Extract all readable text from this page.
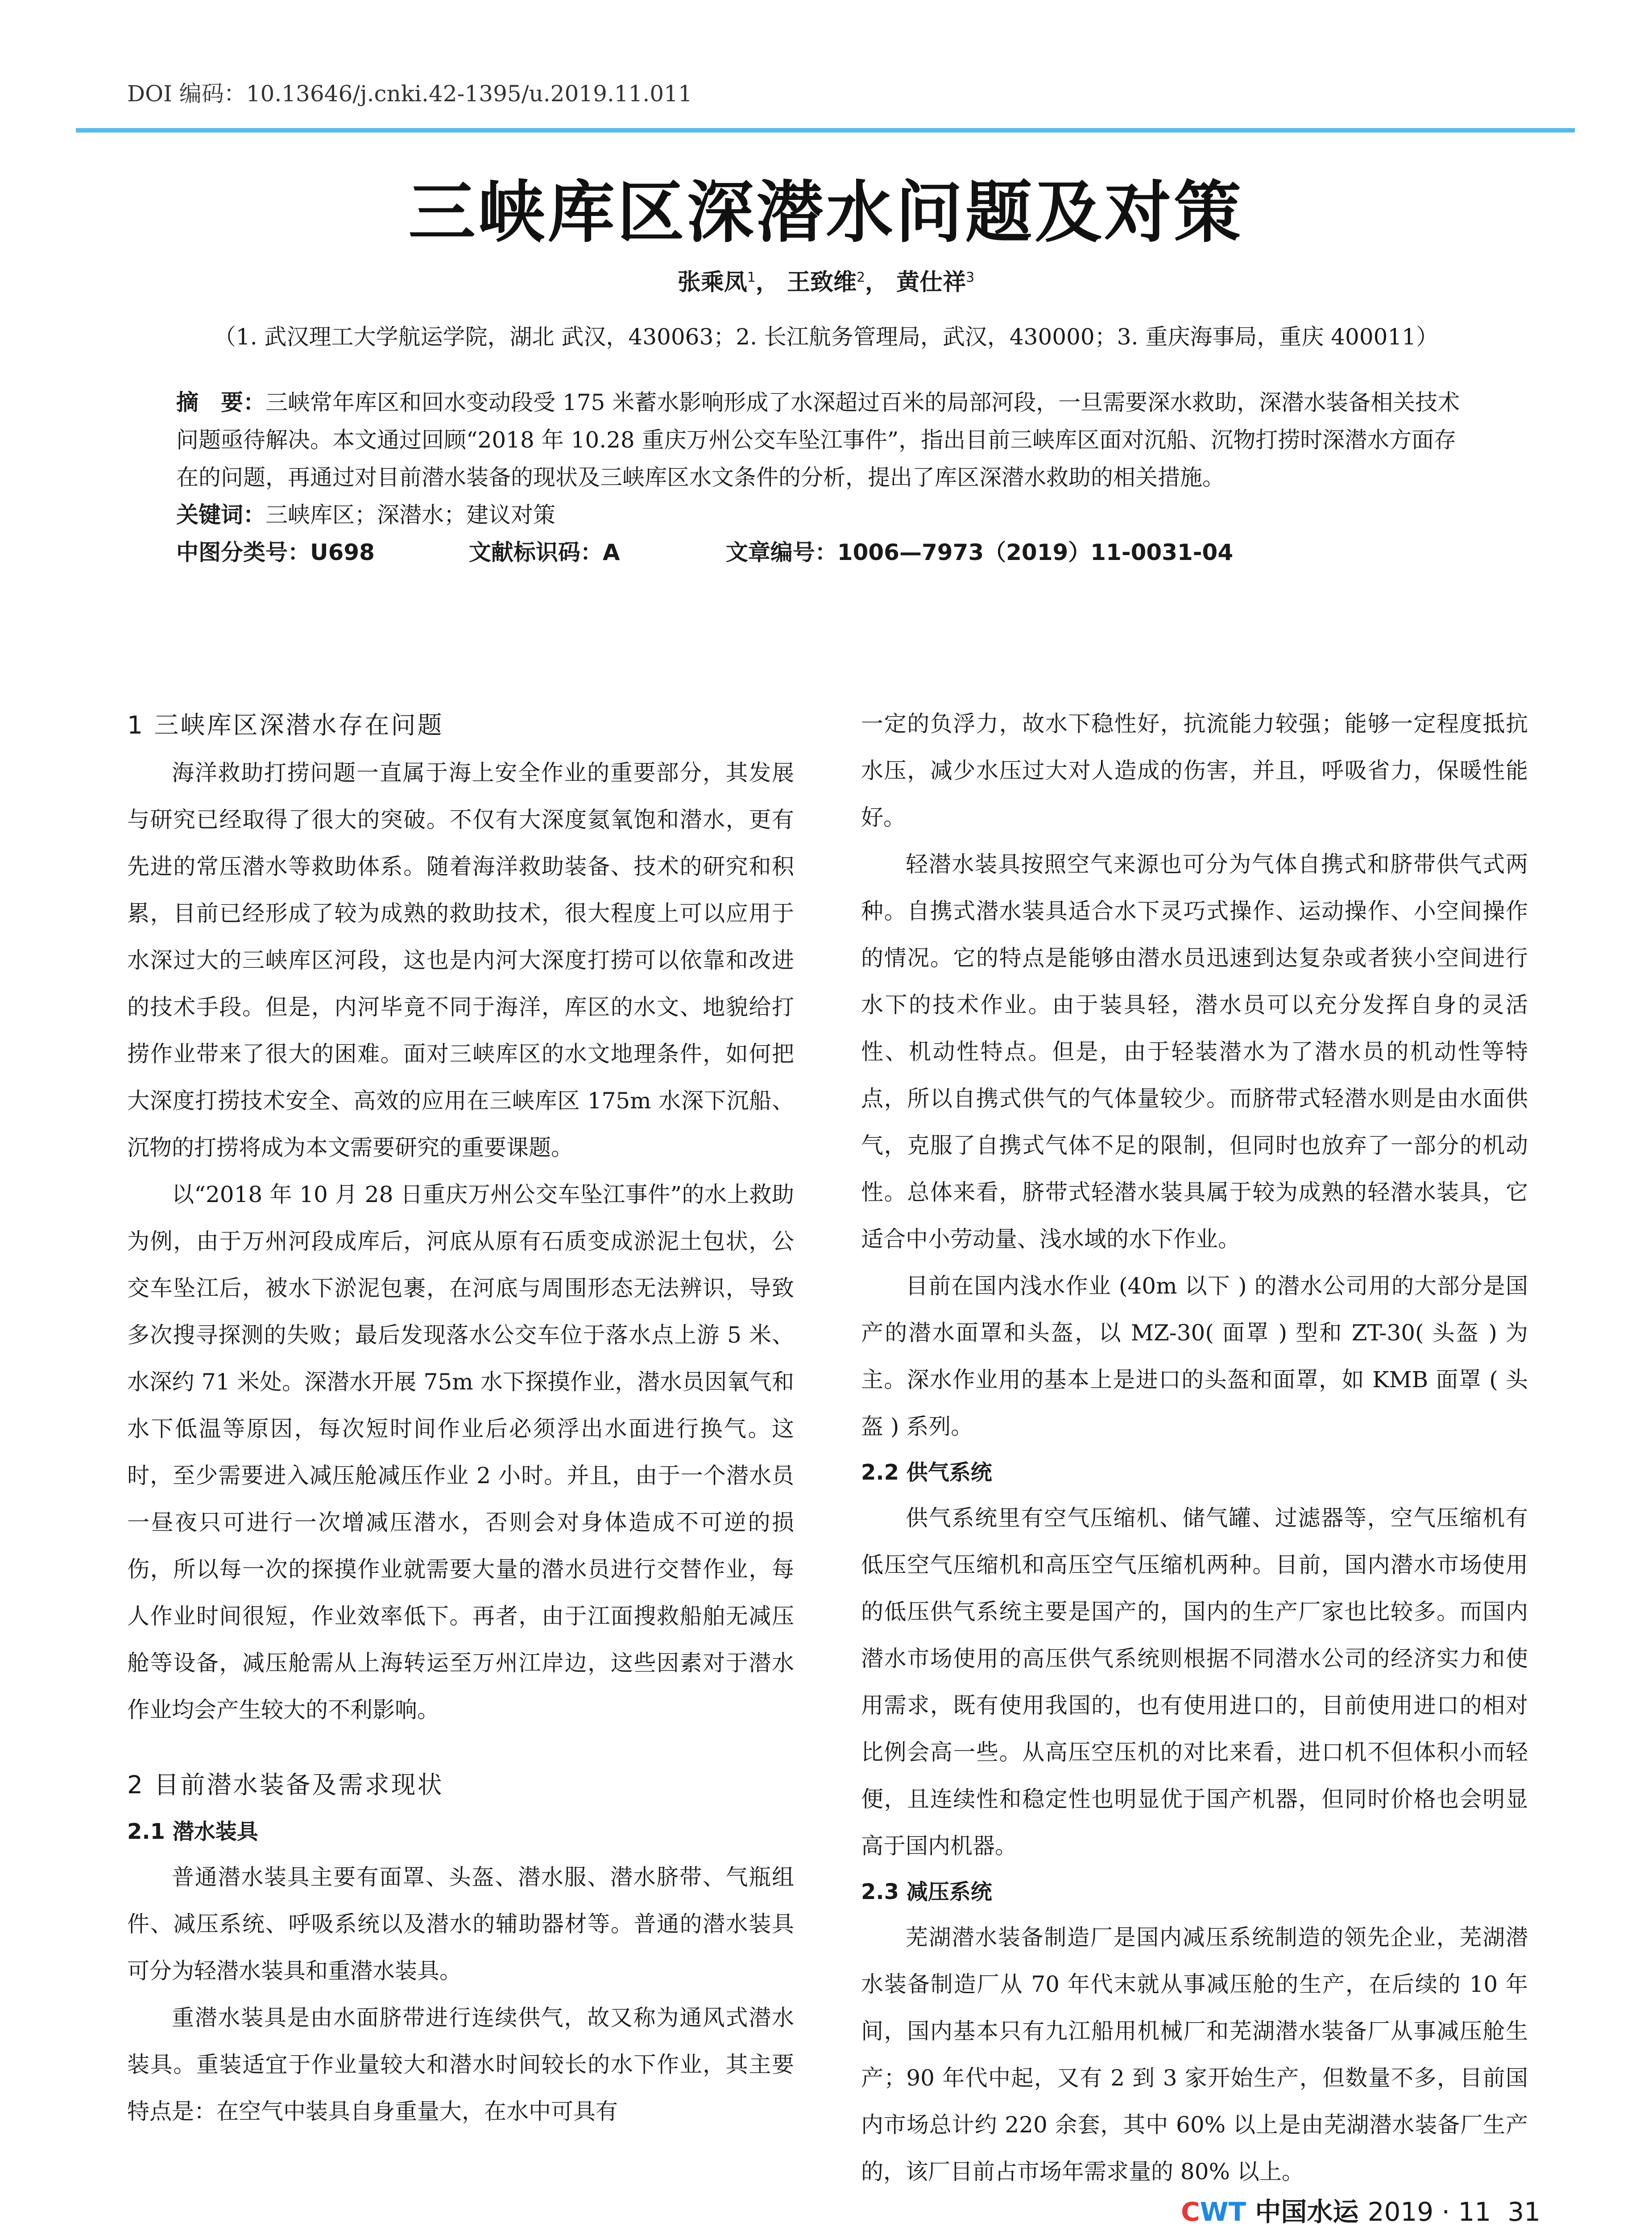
DOI 编码：10.13646/j.cnki.42-1395/u.2019.11.011
三峡库区深潜水问题及对策
张乘凤$^1$， 王致维$^2$， 黄仕祥$^3$
（1. 武汉理工大学航运学院，湖北 武汉，430063；2. 长江航务管理局，武汉，430000；3. 重庆海事局，重庆 400011）
摘　要：三峡常年库区和回水变动段受 175 米蓄水影响形成了水深超过百米的局部河段，一旦需要深水救助，深潜水装备相关技术问题亟待解决。本文通过回顾“2018 年 10.28 重庆万州公交车坠江事件”，指出目前三峡库区面对沉船、沉物打捞时深潜水方面存在的问题，再通过对目前潜水装备的现状及三峡库区水文条件的分析，提出了库区深潜水救助的相关措施。
关键词：三峡库区；深潜水；建议对策
中图分类号：U698	文献标识码：A	文章编号：1006—7973（2019）11-0031-04
1 三峡库区深潜水存在问题

海洋救助打捞问题一直属于海上安全作业的重要部分，其发展与研究已经取得了很大的突破。不仅有大深度氦氧饱和潜水，更有先进的常压潜水等救助体系。随着海洋救助装备、技术的研究和积累，目前已经形成了较为成熟的救助技术，很大程度上可以应用于水深过大的三峡库区河段，这也是内河大深度打捞可以依靠和改进的技术手段。但是，内河毕竟不同于海洋，库区的水文、地貌给打捞作业带来了很大的困难。面对三峡库区的水文地理条件，如何把大深度打捞技术安全、高效的应用在三峡库区 175m 水深下沉船、沉物的打捞将成为本文需要研究的重要课题。

以“2018 年 10 月 28 日重庆万州公交车坠江事件”的水上救助为例，由于万州河段成库后，河底从原有石质变成淤泥土包状，公交车坠江后，被水下淤泥包裹，在河底与周围形态无法辨识，导致多次搜寻探测的失败；最后发现落水公交车位于落水点上游 5 米、水深约 71 米处。深潜水开展 75m 水下探摸作业，潜水员因氧气和水下低温等原因，每次短时间作业后必须浮出水面进行换气。这时，至少需要进入减压舱减压作业 2 小时。并且，由于一个潜水员一昼夜只可进行一次增减压潜水，否则会对身体造成不可逆的损伤，所以每一次的探摸作业就需要大量的潜水员进行交替作业，每人作业时间很短，作业效率低下。再者，由于江面搜救船舶无减压舱等设备，减压舱需从上海转运至万州江岸边，这些因素对于潜水作业均会产生较大的不利影响。

2 目前潜水装备及需求现状
2.1 潜水装具

普通潜水装具主要有面罩、头盔、潜水服、潜水脐带、气瓶组件、减压系统、呼吸系统以及潜水的辅助器材等。普通的潜水装具可分为轻潜水装具和重潜水装具。

重潜水装具是由水面脐带进行连续供气，故又称为通风式潜水装具。重装适宜于作业量较大和潜水时间较长的水下作业，其主要特点是：在空气中装具自身重量大，在水中可具有

一定的负浮力，故水下稳性好，抗流能力较强；能够一定程度抵抗水压，减少水压过大对人造成的伤害，并且，呼吸省力，保暖性能好。

轻潜水装具按照空气来源也可分为气体自携式和脐带供气式两种。自携式潜水装具适合水下灵巧式操作、运动操作、小空间操作的情况。它的特点是能够由潜水员迅速到达复杂或者狭小空间进行水下的技术作业。由于装具轻，潜水员可以充分发挥自身的灵活性、机动性特点。但是，由于轻装潜水为了潜水员的机动性等特点，所以自携式供气的气体量较少。而脐带式轻潜水则是由水面供气，克服了自携式气体不足的限制，但同时也放弃了一部分的机动性。总体来看，脐带式轻潜水装具属于较为成熟的轻潜水装具，它适合中小劳动量、浅水域的水下作业。

目前在国内浅水作业 (40m 以下 ) 的潜水公司用的大部分是国产的潜水面罩和头盔，以 MZ-30( 面罩 ) 型和 ZT-30( 头盔 ) 为主。深水作业用的基本上是进口的头盔和面罩，如 KMB 面罩 ( 头盔 ) 系列。

2.2 供气系统

供气系统里有空气压缩机、储气罐、过滤器等，空气压缩机有低压空气压缩机和高压空气压缩机两种。目前，国内潜水市场使用的低压供气系统主要是国产的，国内的生产厂家也比较多。而国内潜水市场使用的高压供气系统则根据不同潜水公司的经济实力和使用需求，既有使用我国的，也有使用进口的，目前使用进口的相对比例会高一些。从高压空压机的对比来看，进口机不但体积小而轻便，且连续性和稳定性也明显优于国产机器，但同时价格也会明显高于国内机器。

2.3 减压系统

芜湖潜水装备制造厂是国内减压系统制造的领先企业，芜湖潜水装备制造厂从 70 年代末就从事减压舱的生产，在后续的 10 年间，国内基本只有九江船用机械厂和芜湖潜水装备厂从事减压舱生产；90 年代中起，又有 2 到 3 家开始生产，但数量不多，目前国内市场总计约 220 余套，其中 60% 以上是由芜湖潜水装备厂生产的，该厂目前占市场年需求量的 80% 以上。

CWT 中国水运 2019 · 11 31
